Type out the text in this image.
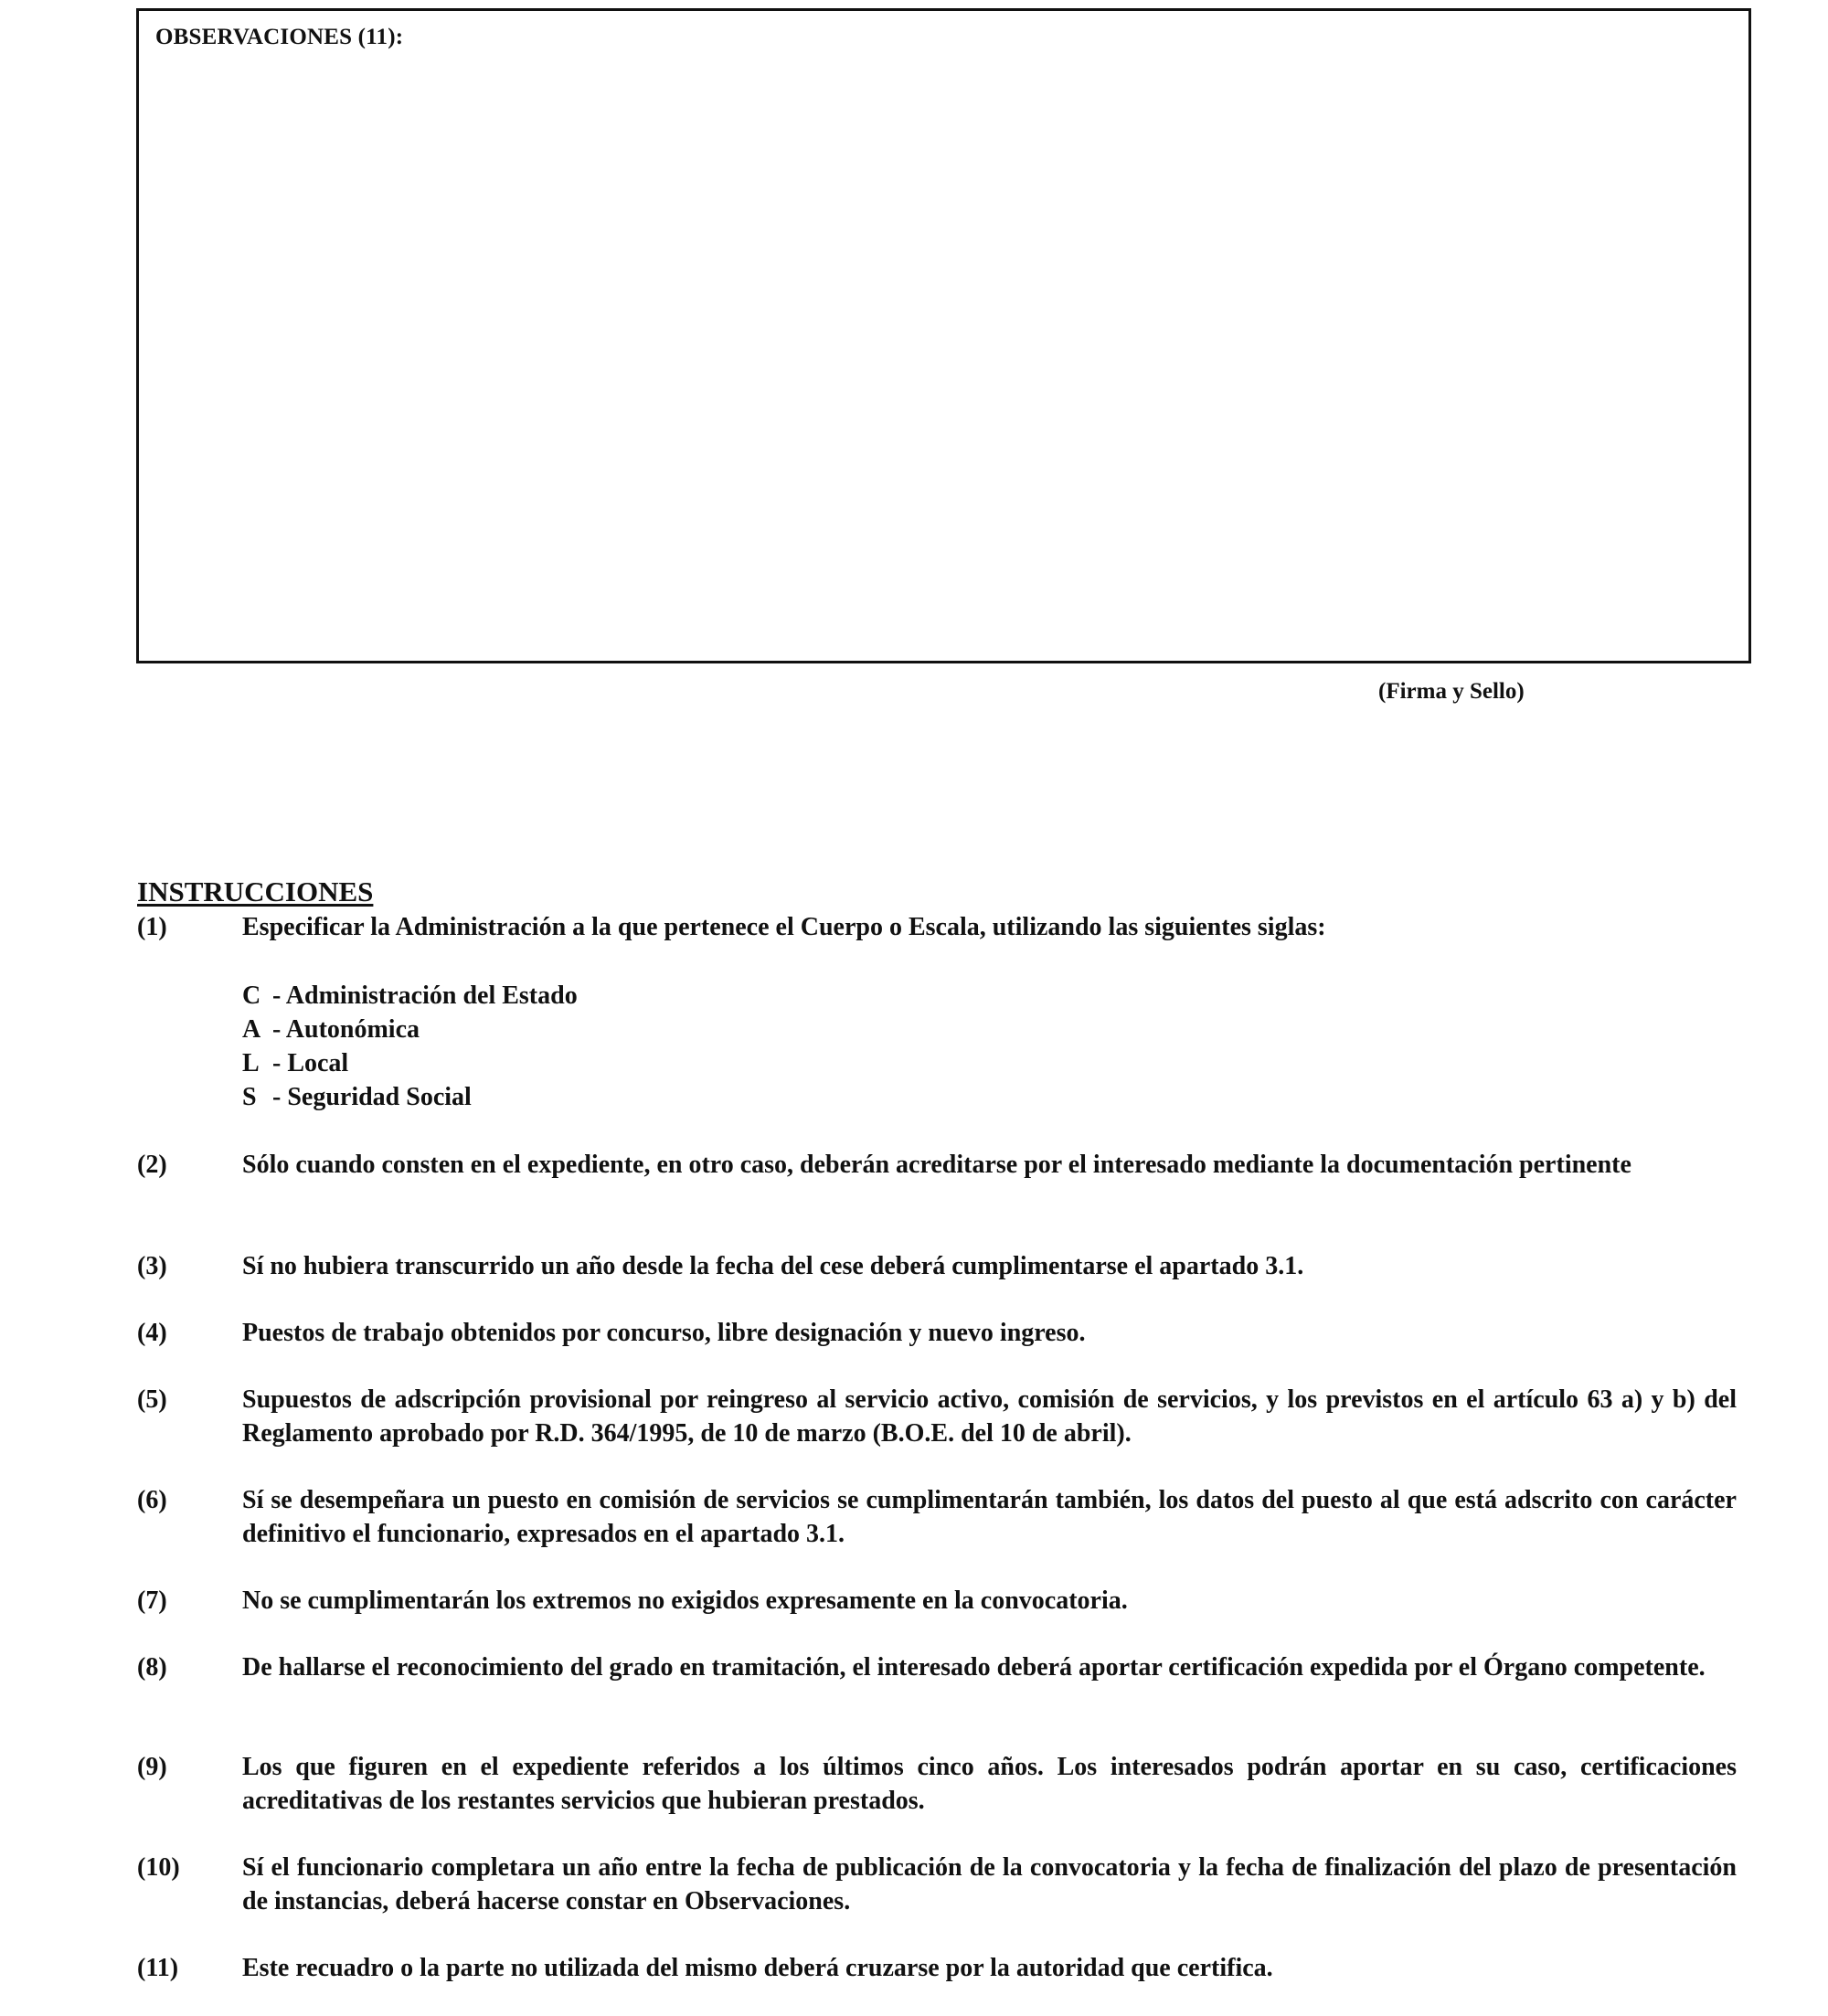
OBSERVACIONES (11):
(Firma y Sello)
INSTRUCCIONES
(1)	Especificar la Administración a la que pertenece el Cuerpo o Escala, utilizando las siguientes siglas:
C - Administración del Estado
A - Autonómica
L - Local
S - Seguridad Social
(2)	Sólo cuando consten en el expediente, en otro caso, deberán acreditarse por el interesado mediante la documentación pertinente
(3)	Sí no hubiera transcurrido un año desde la fecha del cese deberá cumplimentarse el apartado 3.1.
(4)	Puestos de trabajo obtenidos por concurso, libre designación y nuevo ingreso.
(5)	Supuestos de adscripción provisional por reingreso al servicio activo, comisión de servicios, y los previstos en el artículo 63 a) y b) del Reglamento aprobado por R.D. 364/1995, de 10 de marzo (B.O.E. del 10 de abril).
(6)	Sí se desempeñara un puesto en comisión de servicios se cumplimentarán también, los datos del puesto al que está adscrito con carácter definitivo el funcionario, expresados en el apartado 3.1.
(7)	No se cumplimentarán los extremos no exigidos expresamente en la convocatoria.
(8)	De hallarse el reconocimiento del grado en tramitación, el interesado deberá aportar certificación expedida por el Órgano competente.
(9)	Los que figuren en el expediente referidos a los últimos cinco años. Los interesados podrán aportar en su caso, certificaciones acreditativas de los restantes servicios que hubieran prestados.
(10)	Sí el funcionario completara un año entre la fecha de publicación de la convocatoria y la fecha de finalización del plazo de presentación de instancias, deberá hacerse constar en Observaciones.
(11)	Este recuadro o la parte no utilizada del mismo deberá cruzarse por la autoridad que certifica.
